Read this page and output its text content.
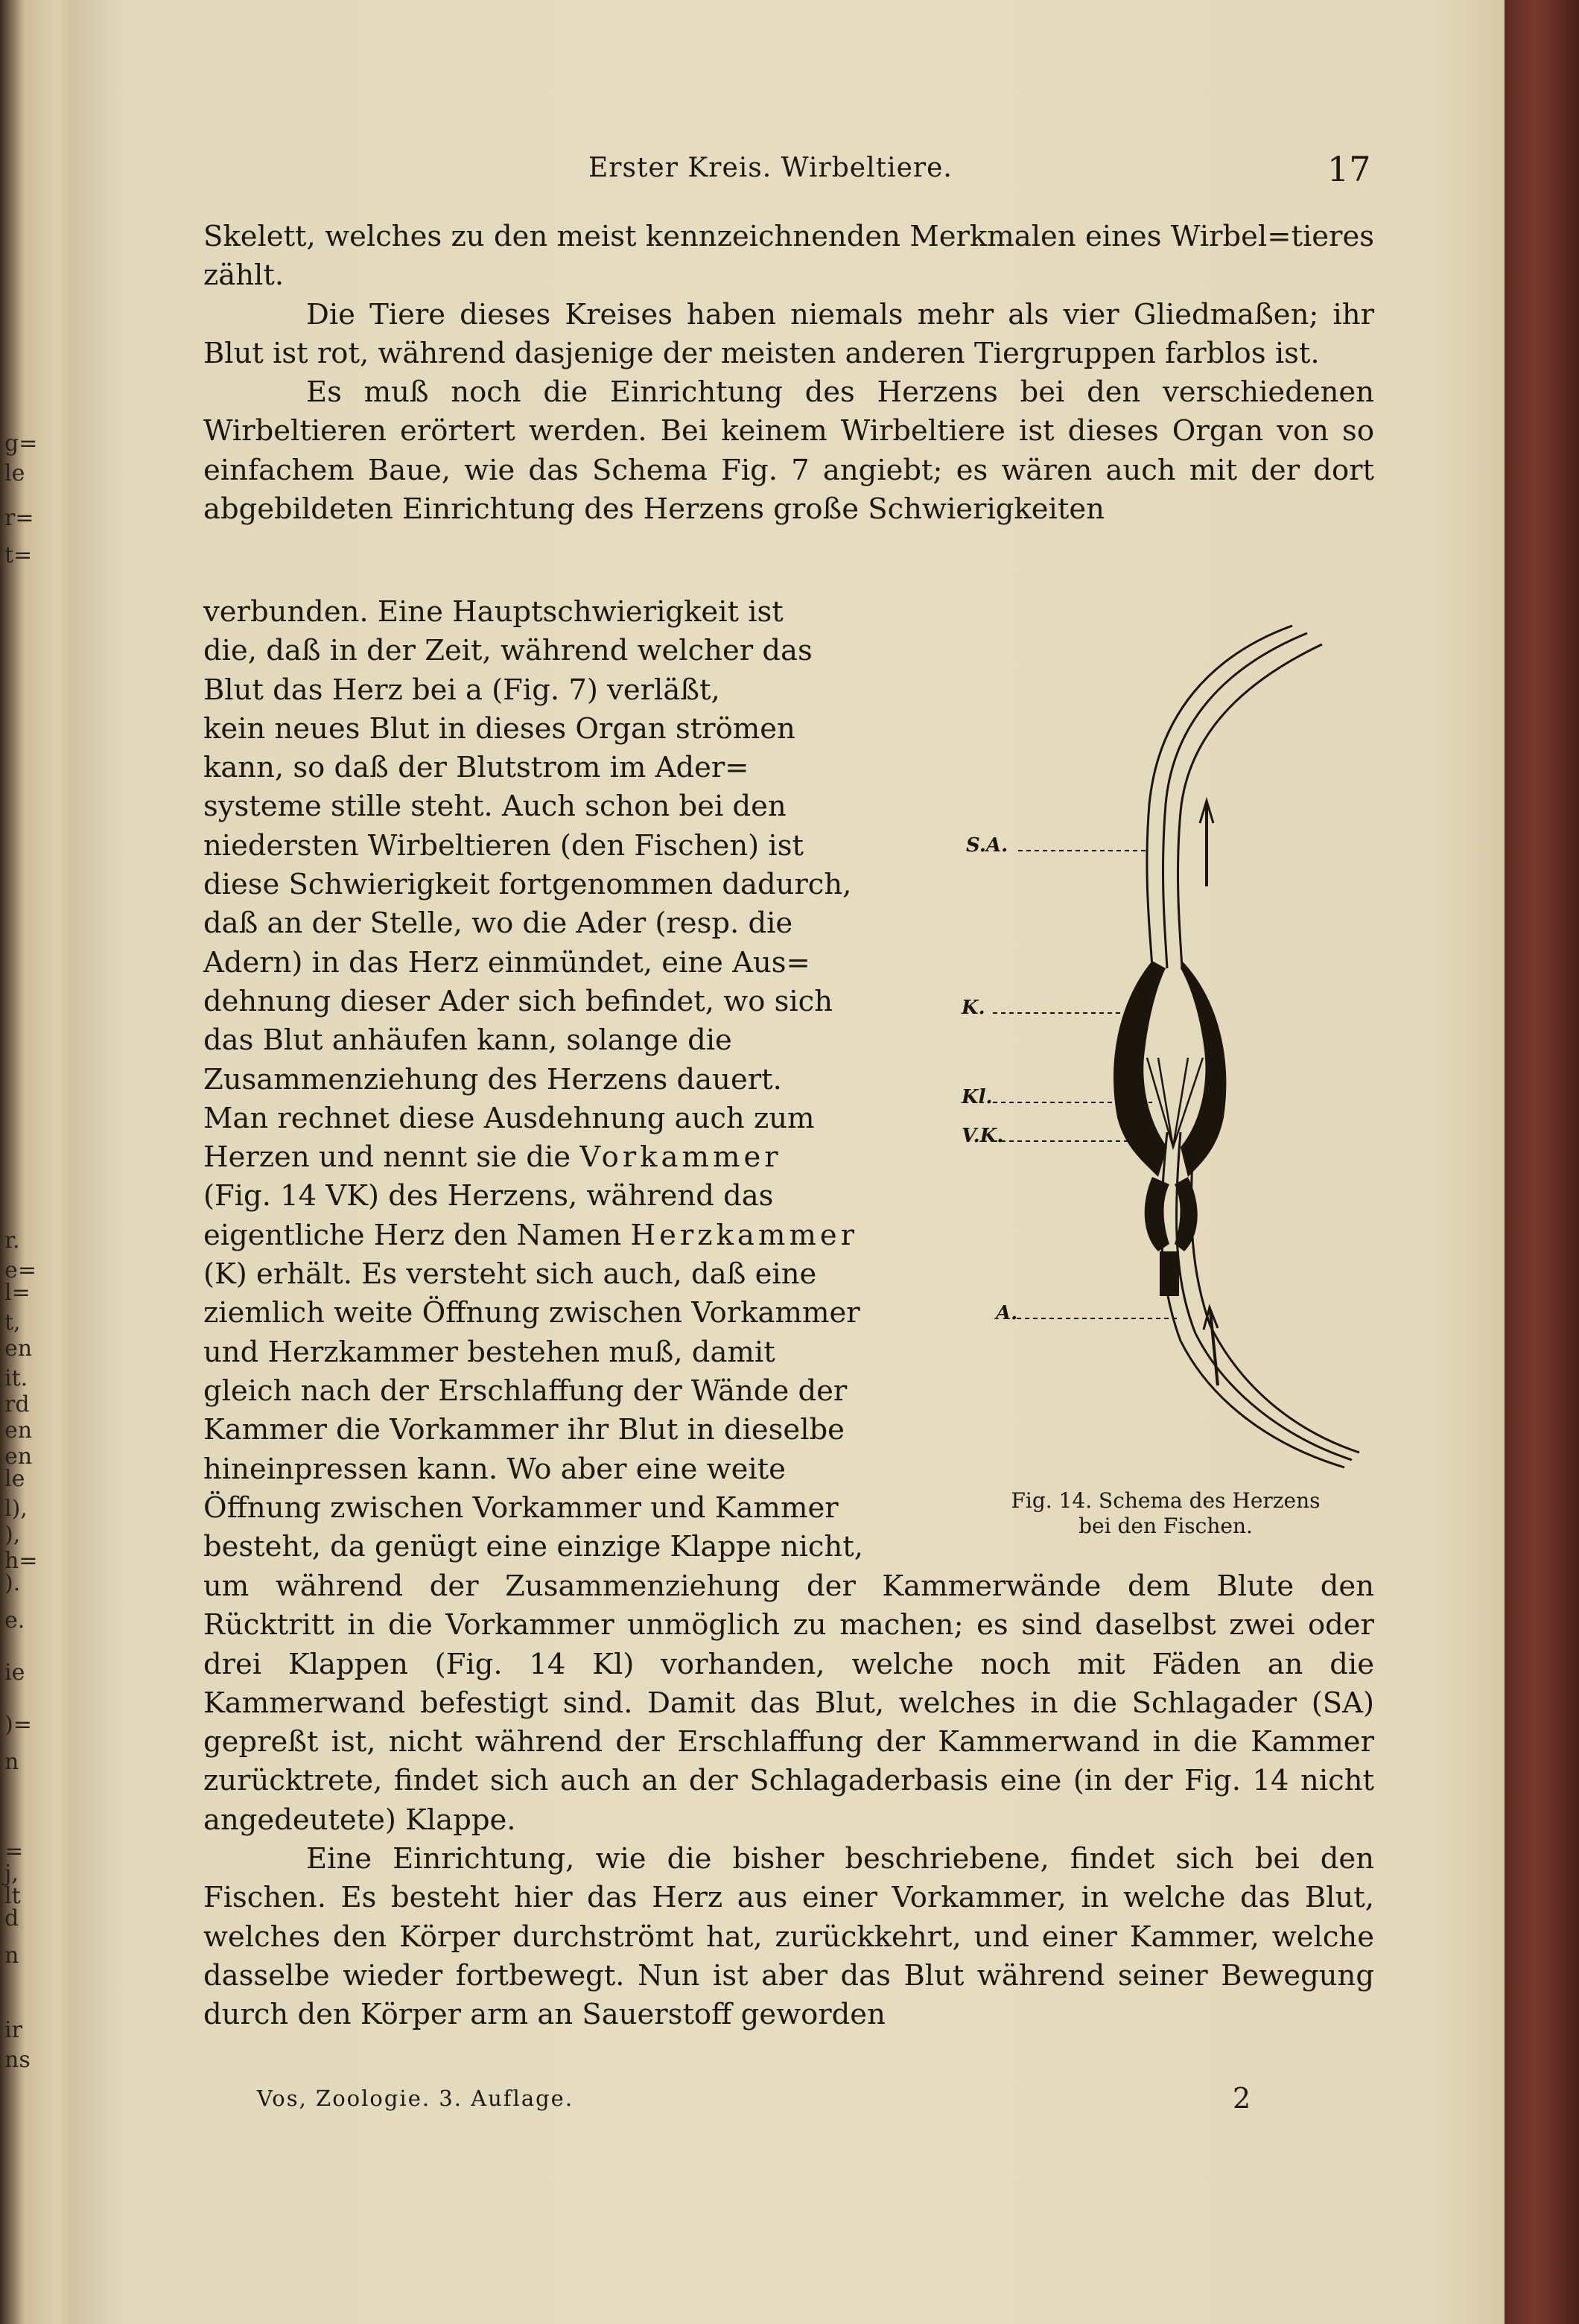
g=
le
r=
t=
r.
e=
l=
t,
en
it.
rd
en
en
le
l),
),
h=
).
e.
ie
)=
n
=
j,
lt
d
n
ir
ns
Erster Kreis. Wirbeltiere.	17

Skelett, welches zu den meist kennzeichnenden Merkmalen eines Wirbel=tieres zählt.

Die Tiere dieses Kreises haben niemals mehr als vier Gliedmaßen; ihr Blut ist rot, während dasjenige der meisten anderen Tiergruppen farblos ist.

Es muß noch die Einrichtung des Herzens bei den verschiedenen Wirbeltieren erörtert werden. Bei keinem Wirbeltiere ist dieses Organ von so einfachem Baue, wie das Schema Fig. 7 angiebt; es wären auch mit der dort abgebildeten Einrichtung des Herzens große Schwierigkeiten

verbunden. Eine Hauptschwierigkeit ist
die, daß in der Zeit, während welcher das
Blut das Herz bei a (Fig. 7) verläßt,
kein neues Blut in dieses Organ strömen
kann, so daß der Blutstrom im Ader=
systeme stille steht. Auch schon bei den
niedersten Wirbeltieren (den Fischen) ist
diese Schwierigkeit fortgenommen dadurch,
daß an der Stelle, wo die Ader (resp. die
Adern) in das Herz einmündet, eine Aus=
dehnung dieser Ader sich befindet, wo sich
das Blut anhäufen kann, solange die
Zusammenziehung des Herzens dauert.
Man rechnet diese Ausdehnung auch zum
Herzen und nennt sie die Vorkammer
(Fig. 14 VK) des Herzens, während das
eigentliche Herz den Namen Herzkammer
(K) erhält. Es versteht sich auch, daß eine
ziemlich weite Öffnung zwischen Vorkammer
und Herzkammer bestehen muß, damit
gleich nach der Erschlaffung der Wände der
Kammer die Vorkammer ihr Blut in dieselbe
hineinpressen kann. Wo aber eine weite
Öffnung zwischen Vorkammer und Kammer
besteht, da genügt eine einzige Klappe nicht,

um während der Zusammenziehung der Kammerwände dem Blute den Rücktritt in die Vorkammer unmöglich zu machen; es sind daselbst zwei oder drei Klappen (Fig. 14 Kl) vorhanden, welche noch mit Fäden an die Kammerwand befestigt sind. Damit das Blut, welches in die Schlagader (SA) gepreßt ist, nicht während der Erschlaffung der Kammerwand in die Kammer zurücktrete, findet sich auch an der Schlagaderbasis eine (in der Fig. 14 nicht angedeutete) Klappe.

Eine Einrichtung, wie die bisher beschriebene, findet sich bei den Fischen. Es besteht hier das Herz aus einer Vorkammer, in welche das Blut, welches den Körper durchströmt hat, zurückkehrt, und einer Kammer, welche dasselbe wieder fortbewegt. Nun ist aber das Blut während seiner Bewegung durch den Körper arm an Sauerstoff geworden

S.A.
K.
Kl.
V.K.
A.
Fig. 14. Schema des Herzens
bei den Fischen.
Vos, Zoologie. 3. Auflage.	2
